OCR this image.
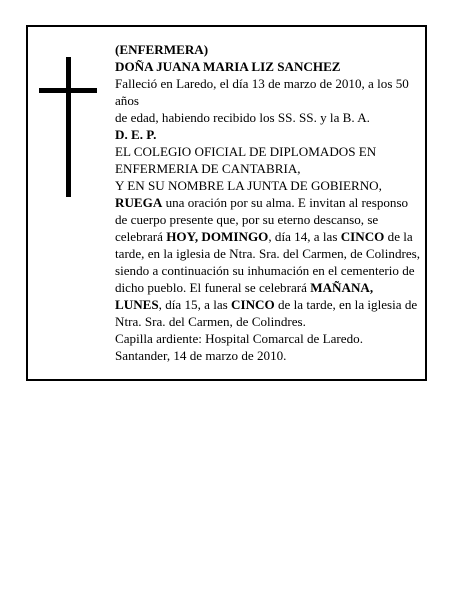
(ENFERMERA)

DOÑA JUANA MARIA LIZ SANCHEZ

Falleció en Laredo, el día 13 de marzo de 2010, a los 50 años

de edad, habiendo recibido los SS. SS. y la B. A.

D. E. P.

EL COLEGIO OFICIAL DE DIPLOMADOS EN ENFERMERIA DE CANTABRIA,

Y EN SU NOMBRE LA JUNTA DE GOBIERNO,

RUEGA una oración por su alma. E invitan al responso de cuerpo presente que, por su eterno descanso, se celebrará HOY, DOMINGO, día 14, a las CINCO de la tarde, en la iglesia de Ntra. Sra. del Carmen, de Colindres, siendo a continuación su inhumación en el cementerio de dicho pueblo. El funeral se celebrará MAÑANA, LUNES, día 15, a las CINCO de la tarde, en la iglesia de Ntra. Sra. del Carmen, de Colindres.

Capilla ardiente: Hospital Comarcal de Laredo.

Santander, 14 de marzo de 2010.
